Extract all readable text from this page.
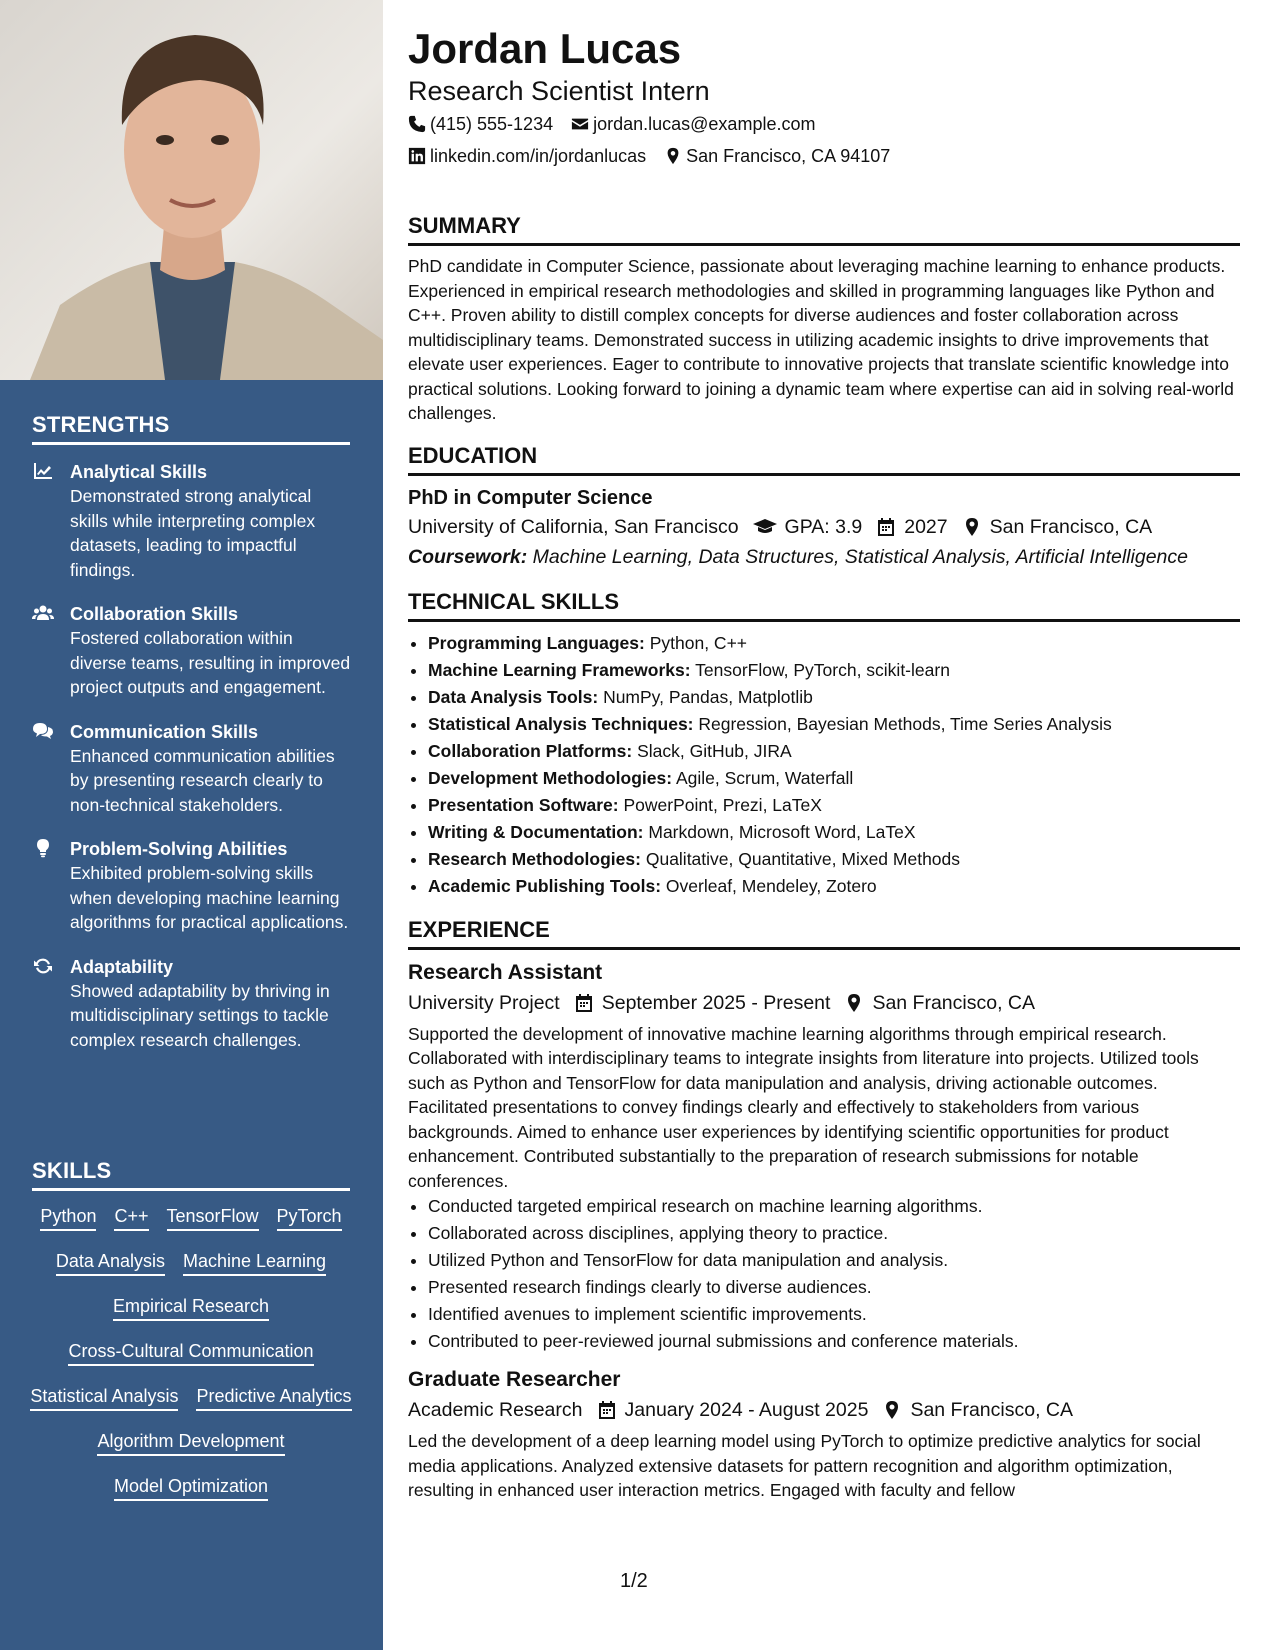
STRENGTHS
Analytical Skills
Demonstrated strong analytical skills while interpreting complex datasets, leading to impactful findings.
Collaboration Skills
Fostered collaboration within diverse teams, resulting in improved project outputs and engagement.
Communication Skills
Enhanced communication abilities by presenting research clearly to non-technical stakeholders.
Problem-Solving Abilities
Exhibited problem-solving skills when developing machine learning algorithms for practical applications.
Adaptability
Showed adaptability by thriving in multidisciplinary settings to tackle complex research challenges.
SKILLS
Python C++ TensorFlow PyTorch
Data Analysis Machine Learning
Empirical Research
Cross-Cultural Communication
Statistical Analysis Predictive Analytics
Algorithm Development
Model Optimization
Jordan Lucas
Research Scientist Intern
(415) 555-1234 jordan.lucas@example.com
linkedin.com/in/jordanlucas San Francisco, CA 94107
SUMMARY

PhD candidate in Computer Science, passionate about leveraging machine learning to enhance products. Experienced in empirical research methodologies and skilled in programming languages like Python and C++. Proven ability to distill complex concepts for diverse audiences and foster collaboration across multidisciplinary teams. Demonstrated success in utilizing academic insights to drive improvements that elevate user experiences. Eager to contribute to innovative projects that translate scientific knowledge into practical solutions. Looking forward to joining a dynamic team where expertise can aid in solving real-world challenges.

EDUCATION
PhD in Computer Science
University of California, San Francisco GPA: 3.9 2027 San Francisco, CA
Coursework: Machine Learning, Data Structures, Statistical Analysis, Artificial Intelligence
TECHNICAL SKILLS
• Programming Languages: Python, C++
• Machine Learning Frameworks: TensorFlow, PyTorch, scikit-learn
• Data Analysis Tools: NumPy, Pandas, Matplotlib
• Statistical Analysis Techniques: Regression, Bayesian Methods, Time Series Analysis
• Collaboration Platforms: Slack, GitHub, JIRA
• Development Methodologies: Agile, Scrum, Waterfall
• Presentation Software: PowerPoint, Prezi, LaTeX
• Writing & Documentation: Markdown, Microsoft Word, LaTeX
• Research Methodologies: Qualitative, Quantitative, Mixed Methods
• Academic Publishing Tools: Overleaf, Mendeley, Zotero
EXPERIENCE
Research Assistant
University Project September 2025 - Present San Francisco, CA

Supported the development of innovative machine learning algorithms through empirical research. Collaborated with interdisciplinary teams to integrate insights from literature into projects. Utilized tools such as Python and TensorFlow for data manipulation and analysis, driving actionable outcomes. Facilitated presentations to convey findings clearly and effectively to stakeholders from various backgrounds. Aimed to enhance user experiences by identifying scientific opportunities for product enhancement. Contributed substantially to the preparation of research submissions for notable conferences.

• Conducted targeted empirical research on machine learning algorithms.
• Collaborated across disciplines, applying theory to practice.
• Utilized Python and TensorFlow for data manipulation and analysis.
• Presented research findings clearly to diverse audiences.
• Identified avenues to implement scientific improvements.
• Contributed to peer-reviewed journal submissions and conference materials.
Graduate Researcher
Academic Research January 2024 - August 2025 San Francisco, CA

Led the development of a deep learning model using PyTorch to optimize predictive analytics for social media applications. Analyzed extensive datasets for pattern recognition and algorithm optimization, resulting in enhanced user interaction metrics. Engaged with faculty and fellow

1/2
